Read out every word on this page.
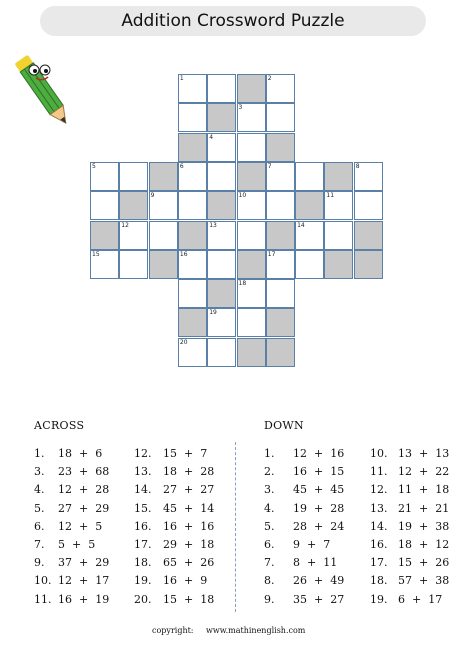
Addition Crossword Puzzle
1	2
3
4
5	6	7	8
9	10	11
12	13	14
15	16	17
18
19
20
ACROSS	DOWN
1. 18  +  6
3. 23  +  68
4. 12  +  28
5. 27  +  29
6. 12  +  5
7. 5  +  5
9. 37  +  29
10. 12  +  17
11. 16  +  19
12. 15  +  7
13. 18  +  28
14. 27  +  27
15. 45  +  14
16. 16  +  16
17. 29  +  18
18. 65  +  26
19. 16  +  9
20. 15  +  18
1. 12  +  16
2. 16  +  15
3. 45  +  45
4. 19  +  28
5. 28  +  24
6. 9  +  7
7. 8  +  11
8. 26  +  49
9. 35  +  27
10. 13  +  13
11. 12  +  22
12. 11  +  18
13. 21  +  21
14. 19  +  38
16. 18  +  12
17. 15  +  26
18. 57  +  38
19. 6  +  17
copyright: www.mathinenglish.com
